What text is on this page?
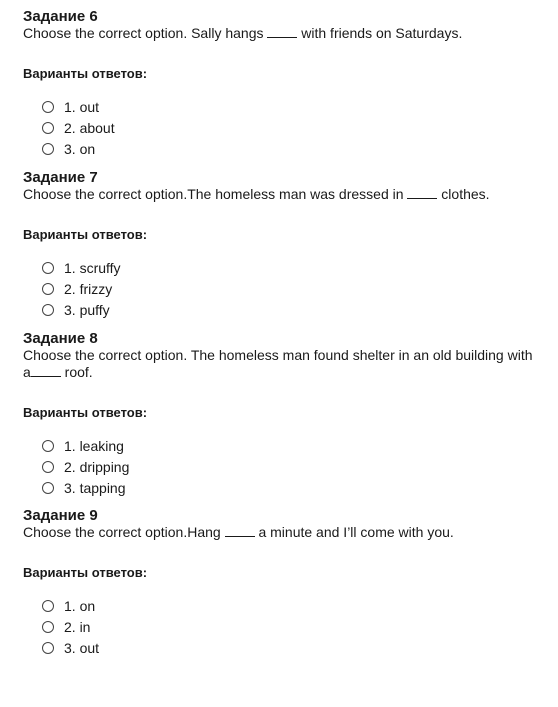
Задание 6
Choose the correct option. Sally hangs  with friends on Saturdays.
Варианты ответов:
1. out
2. about
3. on
Задание 7
Choose the correct option.The homeless man was dressed in  clothes.
Варианты ответов:
1. scruffy
2. frizzy
3. puffy
Задание 8
Choose the correct option. The homeless man found shelter in an old building with a roof.
Варианты ответов:
1. leaking
2. dripping
3. tapping
Задание 9
Choose the correct option.Hang  a minute and I’ll come with you.
Варианты ответов:
1. on
2. in
3. out
